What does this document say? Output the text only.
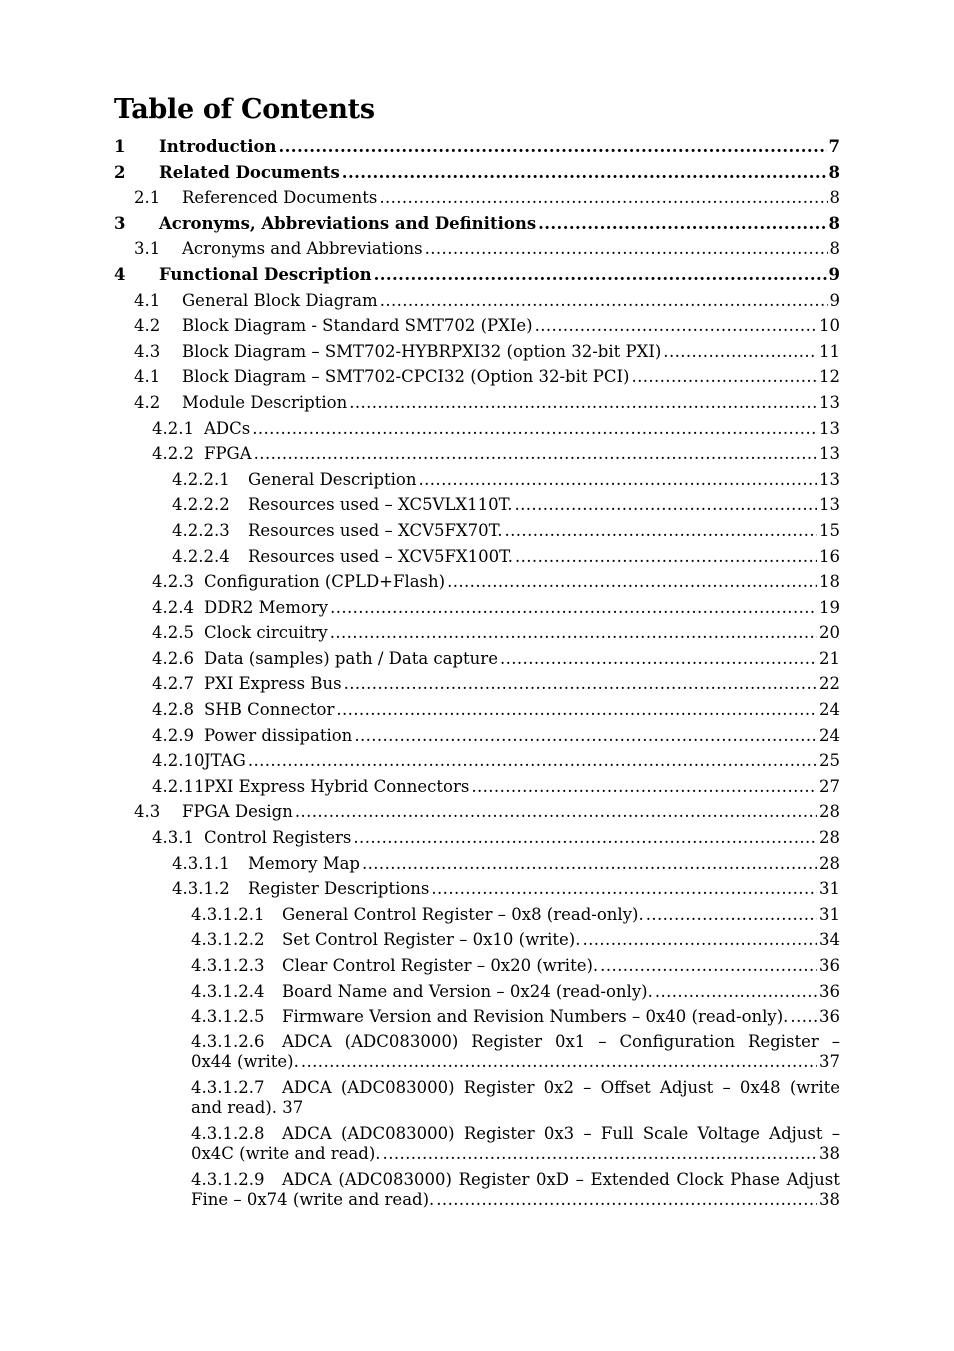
Table of Contents
1	Introduction .....	7
2	Related Documents .....	8
2.1	Referenced Documents .....	8
3	Acronyms, Abbreviations and Definitions .....	8
3.1	Acronyms and Abbreviations .....	8
4	Functional Description .....	9
4.1	General Block Diagram .....	9
4.2	Block Diagram - Standard SMT702 (PXIe) .....	10
4.3	Block Diagram – SMT702-HYBRPXI32 (option 32-bit PXI) .....	11
4.1	Block Diagram – SMT702-CPCI32 (Option 32-bit PCI) .....	12
4.2	Module Description .....	13
4.2.1 ADCs .....	13
4.2.2 FPGA .....	13
4.2.2.1	General Description .....	13
4.2.2.2	Resources used – XC5VLX110T. .....	13
4.2.2.3	Resources used – XCV5FX70T. .....	15
4.2.2.4	Resources used – XCV5FX100T. .....	16
4.2.3 Configuration (CPLD+Flash) .....	18
4.2.4 DDR2 Memory .....	19
4.2.5 Clock circuitry .....	20
4.2.6 Data (samples) path / Data capture .....	21
4.2.7 PXI Express Bus .....	22
4.2.8 SHB Connector .....	24
4.2.9 Power dissipation .....	24
4.2.10 JTAG .....	25
4.2.11 PXI Express Hybrid Connectors .....	27
4.3	FPGA Design .....	28
4.3.1 Control Registers .....	28
4.3.1.1	Memory Map .....	28
4.3.1.2	Register Descriptions .....	31
4.3.1.2.1	General Control Register – 0x8 (read-only). .....	31
4.3.1.2.2	Set Control Register – 0x10 (write). .....	34
4.3.1.2.3	Clear Control Register – 0x20 (write). .....	36
4.3.1.2.4	Board Name and Version – 0x24 (read-only). .....	36
4.3.1.2.5	Firmware Version and Revision Numbers – 0x40 (read-only). ..... 36
4.3.1.2.6 ADCA (ADC083000) Register 0x1 – Configuration Register –
0x44 (write). .....	37
4.3.1.2.7 ADCA (ADC083000) Register 0x2 – Offset Adjust – 0x48 (write
and read). 37
4.3.1.2.8 ADCA (ADC083000) Register 0x3 – Full Scale Voltage Adjust –
0x4C (write and read). .....	38
4.3.1.2.9 ADCA (ADC083000) Register 0xD – Extended Clock Phase Adjust
Fine – 0x74 (write and read). .....	38
